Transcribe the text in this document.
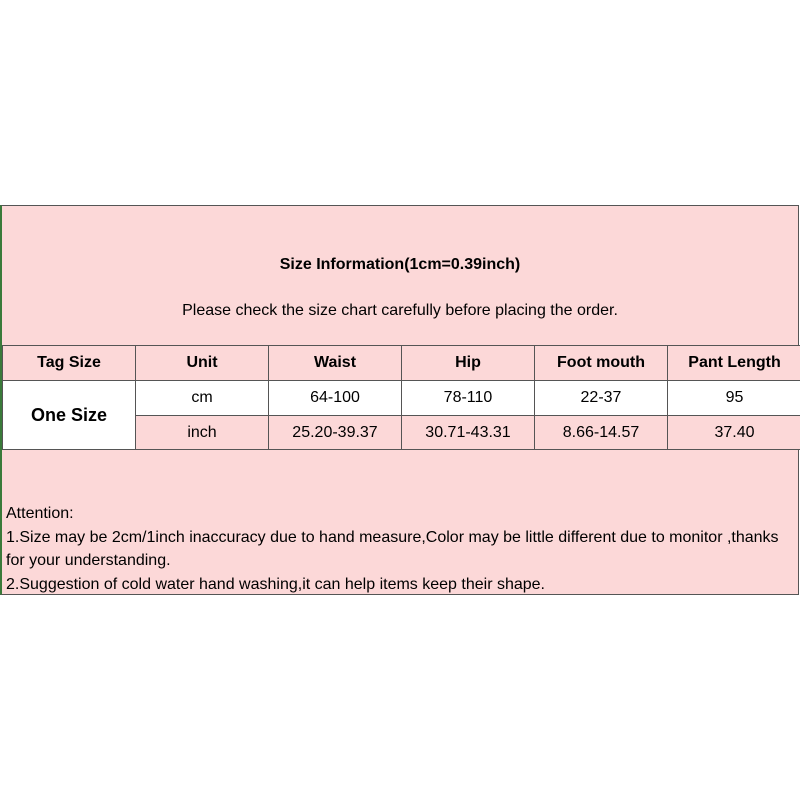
Size Information(1cm=0.39inch)
Please check the size chart carefully before placing the order.
Tag Size	Unit	Waist	Hip	Foot mouth	Pant Length
One Size	cm	64-100	78-110	22-37	95
	inch	25.20-39.37	30.71-43.31	8.66-14.57	37.40
Attention:
1.Size may be 2cm/1inch inaccuracy due to hand measure,Color may be little different due to monitor ,thanks for your understanding.
2.Suggestion of cold water hand washing,it can help items keep their shape.
